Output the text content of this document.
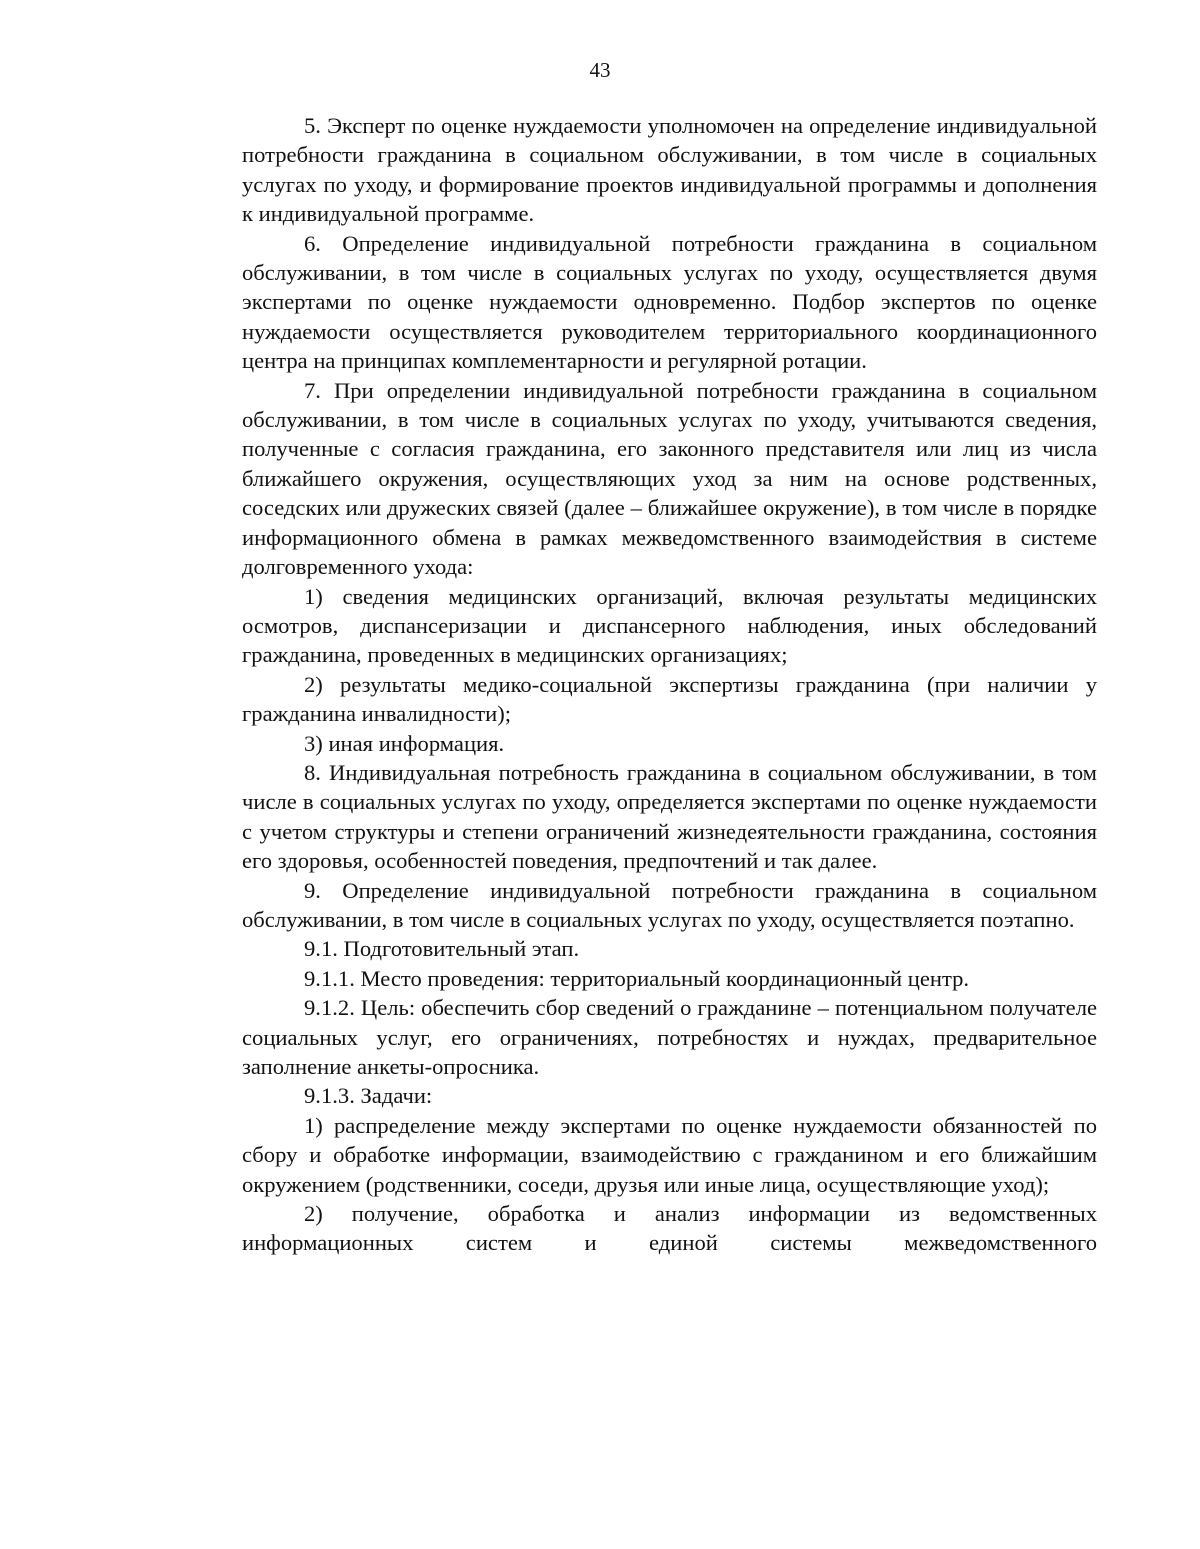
43

5. Эксперт по оценке нуждаемости уполномочен на определение индивидуальной потребности гражданина в социальном обслуживании, в том числе в социальных услугах по уходу, и формирование проектов индивидуальной программы и дополнения к индивидуальной программе.

6. Определение индивидуальной потребности гражданина в социальном обслуживании, в том числе в социальных услугах по уходу, осуществляется двумя экспертами по оценке нуждаемости одновременно. Подбор экспертов по оценке нуждаемости осуществляется руководителем территориального координационного центра на принципах комплементарности и регулярной ротации.

7. При определении индивидуальной потребности гражданина в социальном обслуживании, в том числе в социальных услугах по уходу, учитываются сведения, полученные с согласия гражданина, его законного представителя или лиц из числа ближайшего окружения, осуществляющих уход за ним на основе родственных, соседских или дружеских связей (далее – ближайшее окружение), в том числе в порядке информационного обмена в рамках межведомственного взаимодействия в системе долговременного ухода:

1) сведения медицинских организаций, включая результаты медицинских осмотров, диспансеризации и диспансерного наблюдения, иных обследований гражданина, проведенных в медицинских организациях;

2) результаты медико-социальной экспертизы гражданина (при наличии у гражданина инвалидности);

3) иная информация.

8. Индивидуальная потребность гражданина в социальном обслуживании, в том числе в социальных услугах по уходу, определяется экспертами по оценке нуждаемости с учетом структуры и степени ограничений жизнедеятельности гражданина, состояния его здоровья, особенностей поведения, предпочтений и так далее.

9. Определение индивидуальной потребности гражданина в социальном обслуживании, в том числе в социальных услугах по уходу, осуществляется поэтапно.

9.1. Подготовительный этап.

9.1.1. Место проведения: территориальный координационный центр.

9.1.2. Цель: обеспечить сбор сведений о гражданине – потенциальном получателе социальных услуг, его ограничениях, потребностях и нуждах, предварительное заполнение анкеты-опросника.

9.1.3. Задачи:

1) распределение между экспертами по оценке нуждаемости обязанностей по сбору и обработке информации, взаимодействию с гражданином и его ближайшим окружением (родственники, соседи, друзья или иные лица, осуществляющие уход);

2) получение, обработка и анализ информации из ведомственных информационных систем и единой системы межведомственного
